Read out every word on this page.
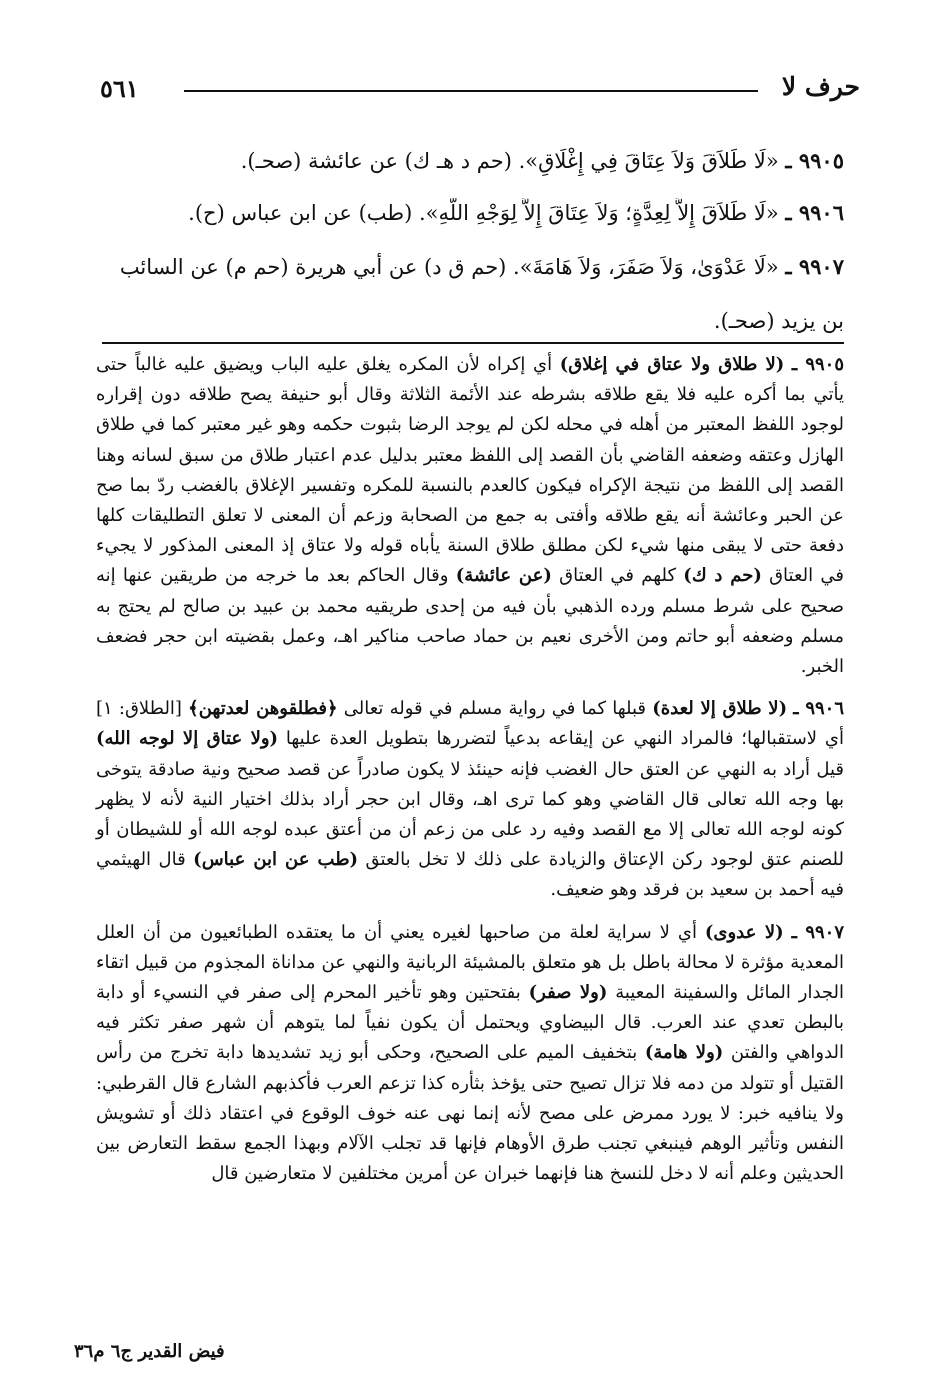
حرف لا
٥٦١
٩٩٠٥ ـ «لَا طَلاَقَ وَلاَ عِتَاقَ فِي إِغْلَاقٍ». (حم د هـ ك) عن عائشة (صحـ).
٩٩٠٦ ـ «لَا طَلاَقَ إِلاَّ لِعِدَّةٍ؛ وَلاَ عِتَاقَ إِلاَّ لِوَجْهِ اللَّهِ». (طب) عن ابن عباس (ح).
٩٩٠٧ ـ «لَا عَدْوَىٰ، وَلاَ صَفَرَ، وَلاَ هَامَةَ». (حم ق د) عن أبي هريرة (حم م) عن السائب بن يزيد (صحـ).

٩٩٠٥ ـ (لا طلاق ولا عتاق في إغلاق) أي إكراه لأن المكره يغلق عليه الباب ويضيق عليه غالباً حتى يأتي بما أكره عليه فلا يقع طلاقه بشرطه عند الأئمة الثلاثة وقال أبو حنيفة يصح طلاقه دون إقراره لوجود اللفظ المعتبر من أهله في محله لكن لم يوجد الرضا بثبوت حكمه وهو غير معتبر كما في طلاق الهازل وعتقه وضعفه القاضي بأن القصد إلى اللفظ معتبر بدليل عدم اعتبار طلاق من سبق لسانه وهنا القصد إلى اللفظ من نتيجة الإكراه فيكون كالعدم بالنسبة للمكره وتفسير الإغلاق بالغضب ردّ بما صح عن الحبر وعائشة أنه يقع طلاقه وأفتى به جمع من الصحابة وزعم أن المعنى لا تعلق التطليقات كلها دفعة حتى لا يبقى منها شيء لكن مطلق طلاق السنة يأباه قوله ولا عتاق إذ المعنى المذكور لا يجيء في العتاق (حم د ك) كلهم في العتاق (عن عائشة) وقال الحاكم بعد ما خرجه من طريقين عنها إنه صحيح على شرط مسلم ورده الذهبي بأن فيه من إحدى طريقيه محمد بن عبيد بن صالح لم يحتج به مسلم وضعفه أبو حاتم ومن الأخرى نعيم بن حماد صاحب مناكير اهـ، وعمل بقضيته ابن حجر فضعف الخبر.

٩٩٠٦ ـ (لا طلاق إلا لعدة) قبلها كما في رواية مسلم في قوله تعالى ﴿فطلقوهن لعدتهن﴾ [الطلاق: ١] أي لاستقبالها؛ فالمراد النهي عن إيقاعه بدعياً لتضررها بتطويل العدة عليها (ولا عتاق إلا لوجه الله) قيل أراد به النهي عن العتق حال الغضب فإنه حينئذ لا يكون صادراً عن قصد صحيح ونية صادقة يتوخى بها وجه الله تعالى قال القاضي وهو كما ترى اهـ، وقال ابن حجر أراد بذلك اختيار النية لأنه لا يظهر كونه لوجه الله تعالى إلا مع القصد وفيه رد على من زعم أن من أعتق عبده لوجه الله أو للشيطان أو للصنم عتق لوجود ركن الإعتاق والزيادة على ذلك لا تخل بالعتق (طب عن ابن عباس) قال الهيثمي فيه أحمد بن سعيد بن فرقد وهو ضعيف.

٩٩٠٧ ـ (لا عدوى) أي لا سراية لعلة من صاحبها لغيره يعني أن ما يعتقده الطبائعيون من أن العلل المعدية مؤثرة لا محالة باطل بل هو متعلق بالمشيئة الربانية والنهي عن مداناة المجذوم من قبيل اتقاء الجدار المائل والسفينة المعيبة (ولا صفر) بفتحتين وهو تأخير المحرم إلى صفر في النسيء أو دابة بالبطن تعدي عند العرب. قال البيضاوي ويحتمل أن يكون نفياً لما يتوهم أن شهر صفر تكثر فيه الدواهي والفتن (ولا هامة) بتخفيف الميم على الصحيح، وحكى أبو زيد تشديدها دابة تخرج من رأس القتيل أو تتولد من دمه فلا تزال تصيح حتى يؤخذ بثأره كذا تزعم العرب فأكذبهم الشارع قال القرطبي: ولا ينافيه خبر: لا يورد ممرض على مصح لأنه إنما نهى عنه خوف الوقوع في اعتقاد ذلك أو تشويش النفس وتأثير الوهم فينبغي تجنب طرق الأوهام فإنها قد تجلب الآلام وبهذا الجمع سقط التعارض بين الحديثين وعلم أنه لا دخل للنسخ هنا فإنهما خبران عن أمرين مختلفين لا متعارضين قال

فيض القدير ج٦ م٣٦
